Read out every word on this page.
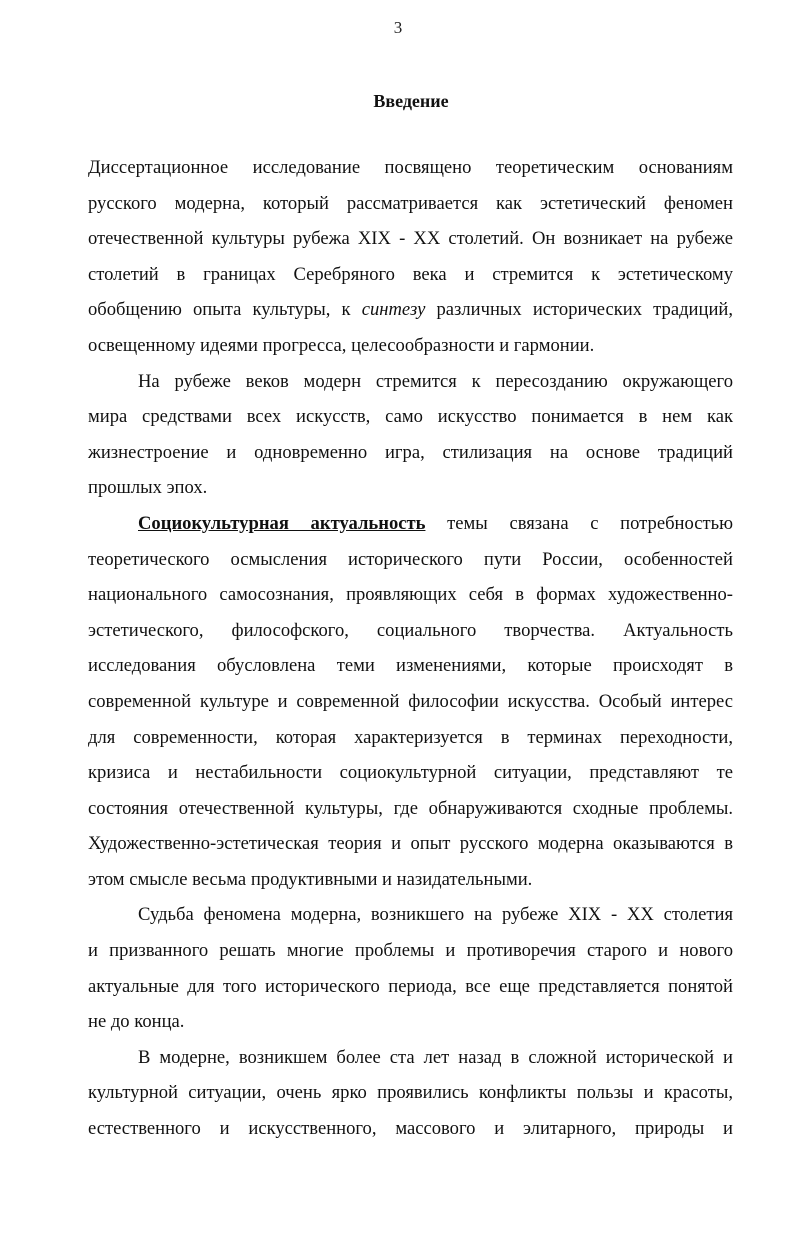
3
Введение
Диссертационное исследование посвящено теоретическим основаниям
русского модерна, который рассматривается как эстетический феномен
отечественной культуры рубежа XIX - XX столетий. Он возникает на рубеже
столетий в границах Серебряного века и стремится к эстетическому
обобщению опыта культуры, к синтезу различных исторических традиций,
освещенному идеями прогресса, целесообразности и гармонии.
На рубеже веков модерн стремится к пересозданию окружающего
мира средствами всех искусств, само искусство понимается в нем как
жизнестроение и одновременно игра, стилизация на основе традиций
прошлых эпох.
Социокультурная актуальность темы связана с потребностью
теоретического осмысления исторического пути России, особенностей
национального самосознания, проявляющих себя в формах художественно-
эстетического, философского, социального творчества. Актуальность
исследования обусловлена теми изменениями, которые происходят в
современной культуре и современной философии искусства. Особый интерес
для современности, которая характеризуется в терминах переходности,
кризиса и нестабильности социокультурной ситуации, представляют те
состояния отечественной культуры, где обнаруживаются сходные проблемы.
Художественно-эстетическая теория и опыт русского модерна оказываются в
этом смысле весьма продуктивными и назидательными.
Судьба феномена модерна, возникшего на рубеже XIX - XX столетия
и призванного решать многие проблемы и противоречия старого и нового
актуальные для того исторического периода, все еще представляется понятой
не до конца.
В модерне, возникшем более ста лет назад в сложной исторической и
культурной ситуации, очень ярко проявились конфликты пользы и красоты,
естественного и искусственного, массового и элитарного, природы и
